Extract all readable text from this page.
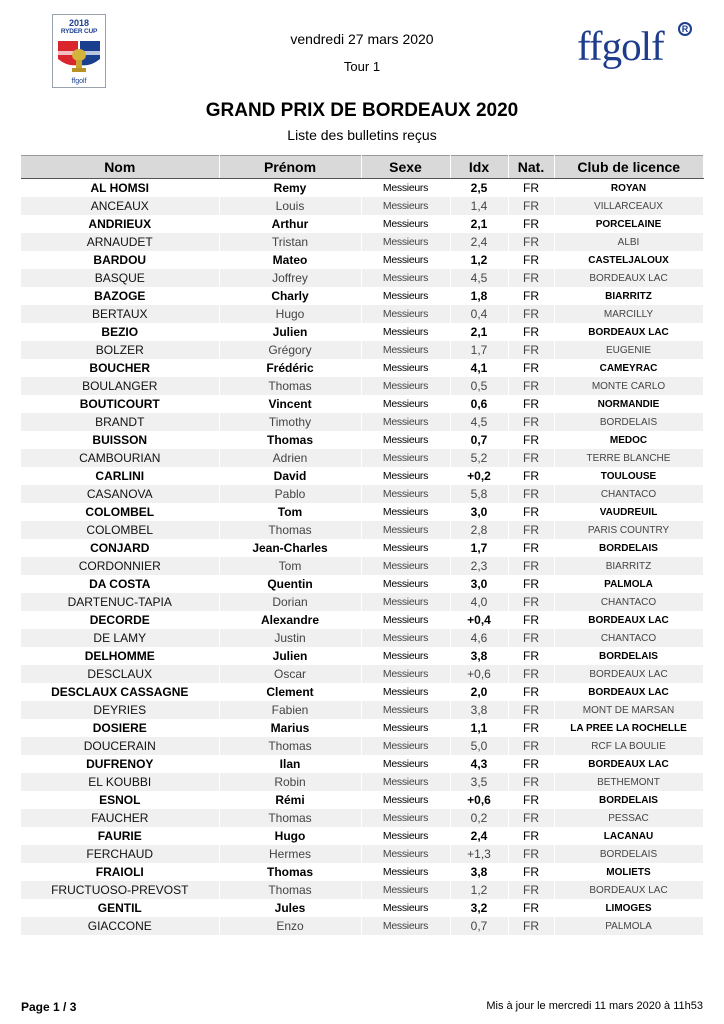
2018
RYDER CUP
ffgolf
vendredi 27 mars 2020
Tour 1	ffgolf	R
GRAND PRIX DE BORDEAUX 2020
Liste des bulletins reçus
Nom	Prénom	Sexe	Idx	Nat.	Club de licence
AL HOMSI	Remy	Messieurs	2,5	FR	ROYAN
ANCEAUX	Louis	Messieurs	1,4	FR	VILLARCEAUX
ANDRIEUX	Arthur	Messieurs	2,1	FR	PORCELAINE
ARNAUDET	Tristan	Messieurs	2,4	FR	ALBI
BARDOU	Mateo	Messieurs	1,2	FR	CASTELJALOUX
BASQUE	Joffrey	Messieurs	4,5	FR	BORDEAUX LAC
BAZOGE	Charly	Messieurs	1,8	FR	BIARRITZ
BERTAUX	Hugo	Messieurs	0,4	FR	MARCILLY
BEZIO	Julien	Messieurs	2,1	FR	BORDEAUX LAC
BOLZER	Grégory	Messieurs	1,7	FR	EUGENIE
BOUCHER	Frédéric	Messieurs	4,1	FR	CAMEYRAC
BOULANGER	Thomas	Messieurs	0,5	FR	MONTE CARLO
BOUTICOURT	Vincent	Messieurs	0,6	FR	NORMANDIE
BRANDT	Timothy	Messieurs	4,5	FR	BORDELAIS
BUISSON	Thomas	Messieurs	0,7	FR	MEDOC
CAMBOURIAN	Adrien	Messieurs	5,2	FR	TERRE BLANCHE
CARLINI	David	Messieurs	+0,2	FR	TOULOUSE
CASANOVA	Pablo	Messieurs	5,8	FR	CHANTACO
COLOMBEL	Tom	Messieurs	3,0	FR	VAUDREUIL
COLOMBEL	Thomas	Messieurs	2,8	FR	PARIS COUNTRY
CONJARD	Jean-Charles	Messieurs	1,7	FR	BORDELAIS
CORDONNIER	Tom	Messieurs	2,3	FR	BIARRITZ
DA COSTA	Quentin	Messieurs	3,0	FR	PALMOLA
DARTENUC-TAPIA	Dorian	Messieurs	4,0	FR	CHANTACO
DECORDE	Alexandre	Messieurs	+0,4	FR	BORDEAUX LAC
DE LAMY	Justin	Messieurs	4,6	FR	CHANTACO
DELHOMME	Julien	Messieurs	3,8	FR	BORDELAIS
DESCLAUX	Oscar	Messieurs	+0,6	FR	BORDEAUX LAC
DESCLAUX CASSAGNE	Clement	Messieurs	2,0	FR	BORDEAUX LAC
DEYRIES	Fabien	Messieurs	3,8	FR	MONT DE MARSAN
DOSIERE	Marius	Messieurs	1,1	FR	LA PREE LA ROCHELLE
DOUCERAIN	Thomas	Messieurs	5,0	FR	RCF LA BOULIE
DUFRENOY	Ilan	Messieurs	4,3	FR	BORDEAUX LAC
EL KOUBBI	Robin	Messieurs	3,5	FR	BETHEMONT
ESNOL	Rémi	Messieurs	+0,6	FR	BORDELAIS
FAUCHER	Thomas	Messieurs	0,2	FR	PESSAC
FAURIE	Hugo	Messieurs	2,4	FR	LACANAU
FERCHAUD	Hermes	Messieurs	+1,3	FR	BORDELAIS
FRAIOLI	Thomas	Messieurs	3,8	FR	MOLIETS
FRUCTUOSO-PREVOST	Thomas	Messieurs	1,2	FR	BORDEAUX LAC
GENTIL	Jules	Messieurs	3,2	FR	LIMOGES
GIACCONE	Enzo	Messieurs	0,7	FR	PALMOLA
Page 1 / 3	Mis à jour le mercredi 11 mars 2020 à 11h53
